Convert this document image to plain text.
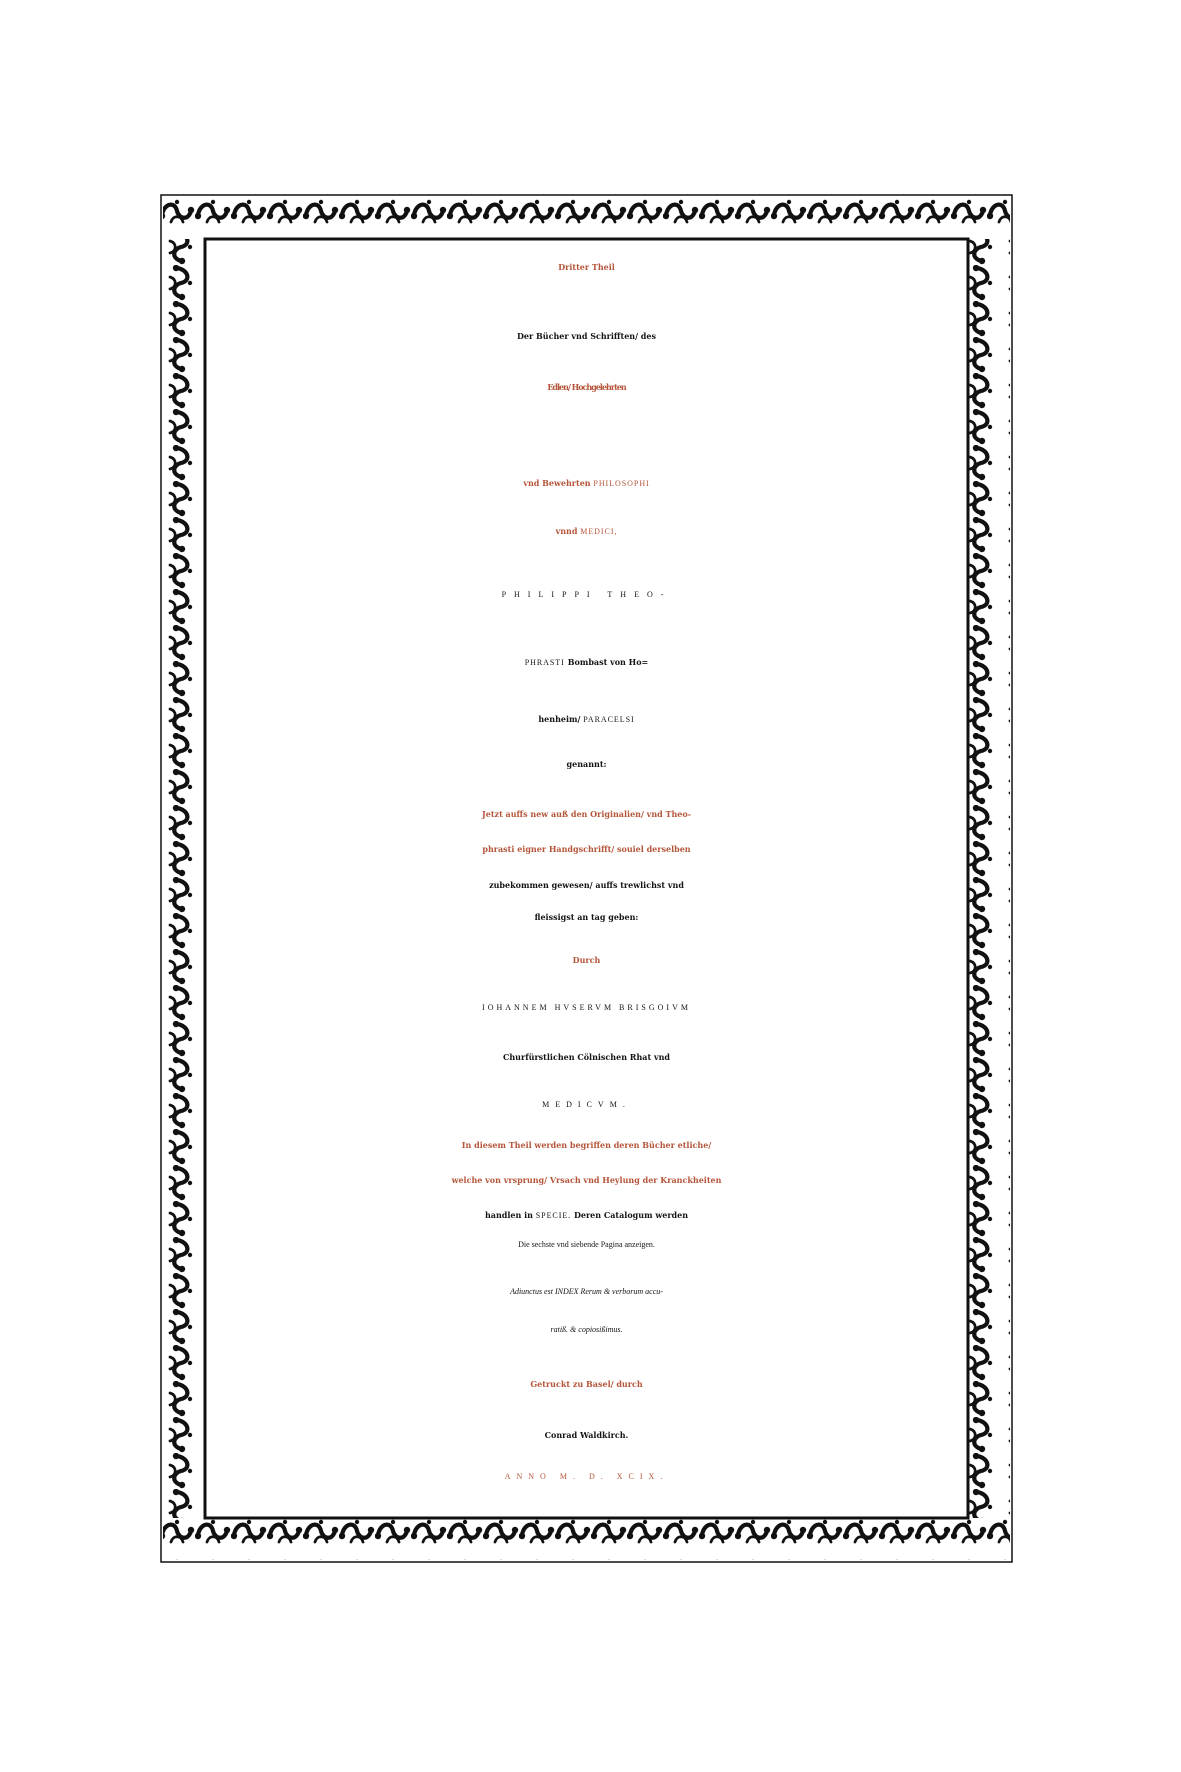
Dritter Theil
Der Bücher vnd Schrifften/ des
Edlen/ Hochgelehrten
vnd Bewehrten PHILOSOPHI
vnnd MEDICI,
PHILIPPI THEO-
PHRASTI Bombast von Ho=
henheim/ PARACELSI
genannt:
Jetzt auffs new auß den Originalien/ vnd Theo-
phrasti eigner Handgschrifft/ souiel derselben
zubekommen gewesen/ auffs trewlichst vnd
fleissigst an tag geben:
Durch
IOHANNEM HVSERVM BRISGOIVM
Churfürstlichen Cölnischen Rhat vnd
MEDICVM.
In diesem Theil werden begriffen deren Bücher etliche/
welche von vrsprung/ Vrsach vnd Heylung der Kranckheiten
handlen in SPECIE. Deren Catalogum werden
Die sechste vnd siebende Pagina anzeigen.
Adiunctus est INDEX Rerum & verborum accu-
ratiß. & copiosißimus.
Getruckt zu Basel/ durch
Conrad Waldkirch.
ANNO M. D. XCIX.
